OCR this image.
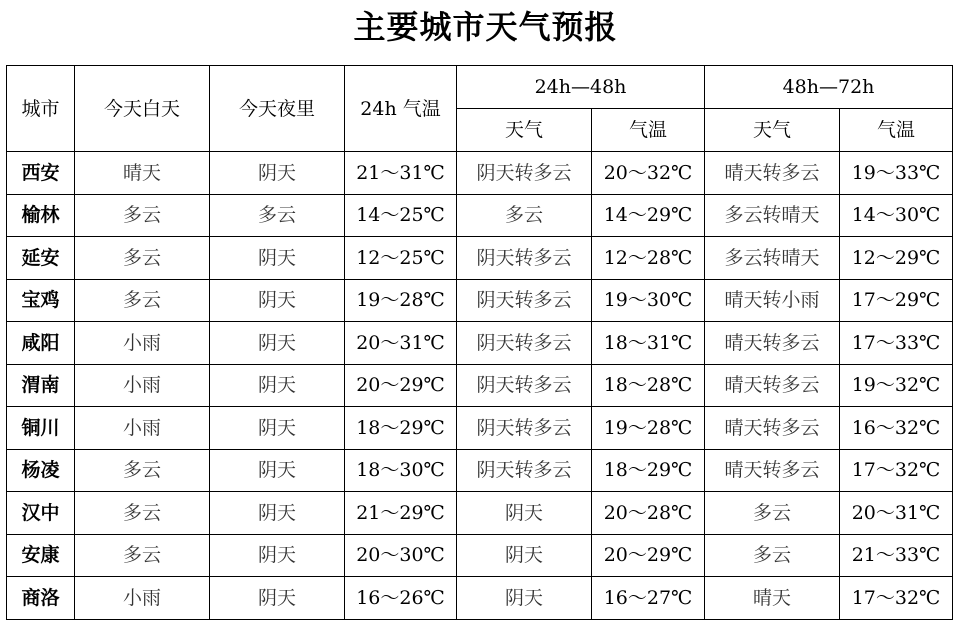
主要城市天气预报
城市	今天白天	今天夜里	24h 气温	24h—48h		48h—72h	
				天气	气温	天气	气温
西安	晴天	阴天	21～31℃	阴天转多云	20～32℃	晴天转多云	19～33℃
榆林	多云	多云	14～25℃	多云	14～29℃	多云转晴天	14～30℃
延安	多云	阴天	12～25℃	阴天转多云	12～28℃	多云转晴天	12～29℃
宝鸡	多云	阴天	19～28℃	阴天转多云	19～30℃	晴天转小雨	17～29℃
咸阳	小雨	阴天	20～31℃	阴天转多云	18～31℃	晴天转多云	17～33℃
渭南	小雨	阴天	20～29℃	阴天转多云	18～28℃	晴天转多云	19～32℃
铜川	小雨	阴天	18～29℃	阴天转多云	19～28℃	晴天转多云	16～32℃
杨凌	多云	阴天	18～30℃	阴天转多云	18～29℃	晴天转多云	17～32℃
汉中	多云	阴天	21～29℃	阴天	20～28℃	多云	20～31℃
安康	多云	阴天	20～30℃	阴天	20～29℃	多云	21～33℃
商洛	小雨	阴天	16～26℃	阴天	16～27℃	晴天	17～32℃
